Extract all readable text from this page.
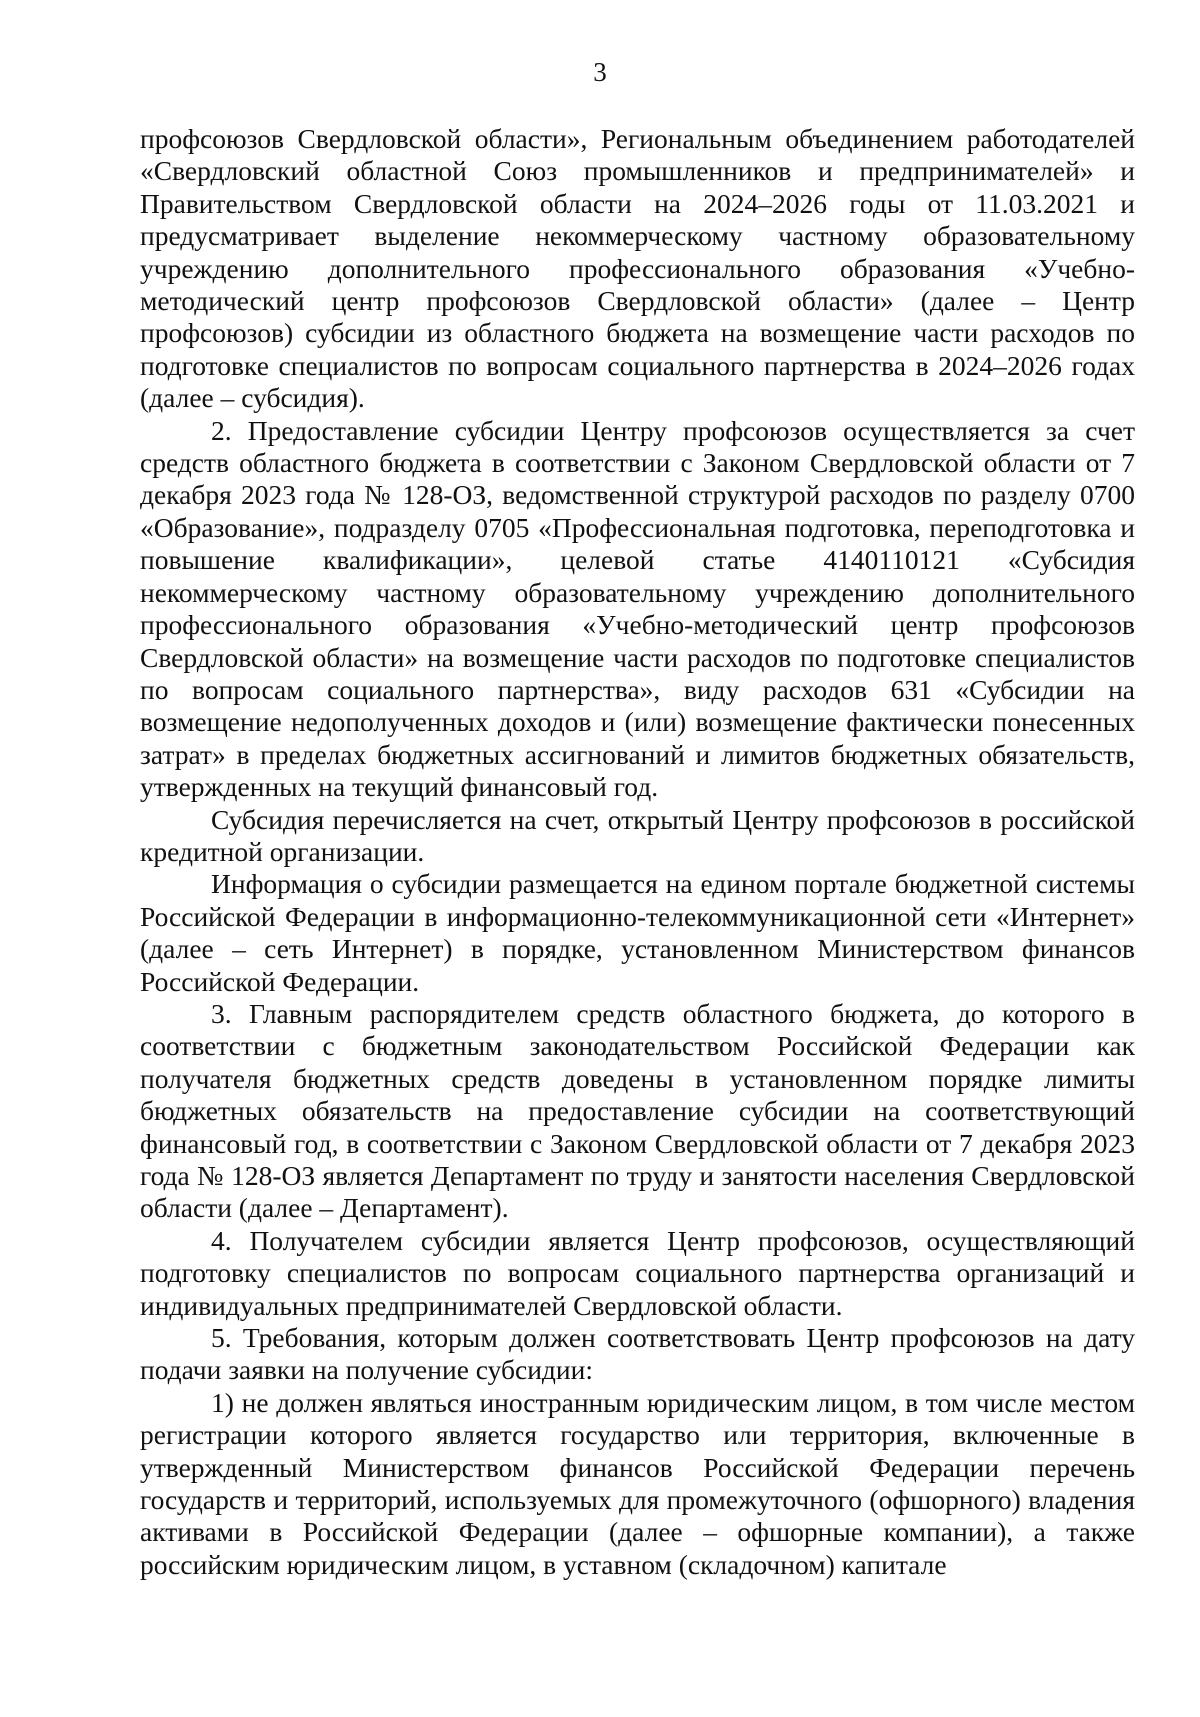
3

профсоюзов Свердловской области», Региональным объединением работодателей «Свердловский областной Союз промышленников и предпринимателей» и Правительством Свердловской области на 2024–2026 годы от 11.03.2021 и предусматривает выделение некоммерческому частному образовательному учреждению дополнительного профессионального образования «Учебно-методический центр профсоюзов Свердловской области» (далее – Центр профсоюзов) субсидии из областного бюджета на возмещение части расходов по подготовке специалистов по вопросам социального партнерства в 2024–2026 годах (далее – субсидия).

2. Предоставление субсидии Центру профсоюзов осуществляется за счет средств областного бюджета в соответствии с Законом Свердловской области от 7 декабря 2023 года № 128-ОЗ, ведомственной структурой расходов по разделу 0700 «Образование», подразделу 0705 «Профессиональная подготовка, переподготовка и повышение квалификации», целевой статье 4140110121 «Субсидия некоммерческому частному образовательному учреждению дополнительного профессионального образования «Учебно-методический центр профсоюзов Свердловской области» на возмещение части расходов по подготовке специалистов по вопросам социального партнерства», виду расходов 631 «Субсидии на возмещение недополученных доходов и (или) возмещение фактически понесенных затрат» в пределах бюджетных ассигнований и лимитов бюджетных обязательств, утвержденных на текущий финансовый год.

Субсидия перечисляется на счет, открытый Центру профсоюзов в российской кредитной организации.

Информация о субсидии размещается на едином портале бюджетной системы Российской Федерации в информационно-телекоммуникационной сети «Интернет» (далее – сеть Интернет) в порядке, установленном Министерством финансов Российской Федерации.

3. Главным распорядителем средств областного бюджета, до которого в соответствии с бюджетным законодательством Российской Федерации как получателя бюджетных средств доведены в установленном порядке лимиты бюджетных обязательств на предоставление субсидии на соответствующий финансовый год, в соответствии с Законом Свердловской области от 7 декабря 2023 года № 128-ОЗ является Департамент по труду и занятости населения Свердловской области (далее – Департамент).

4. Получателем субсидии является Центр профсоюзов, осуществляющий подготовку специалистов по вопросам социального партнерства организаций и индивидуальных предпринимателей Свердловской области.

5. Требования, которым должен соответствовать Центр профсоюзов на дату подачи заявки на получение субсидии:

1) не должен являться иностранным юридическим лицом, в том числе местом регистрации которого является государство или территория, включенные в утвержденный Министерством финансов Российской Федерации перечень государств и территорий, используемых для промежуточного (офшорного) владения активами в Российской Федерации (далее – офшорные компании), а также российским юридическим лицом, в уставном (складочном) капитале
